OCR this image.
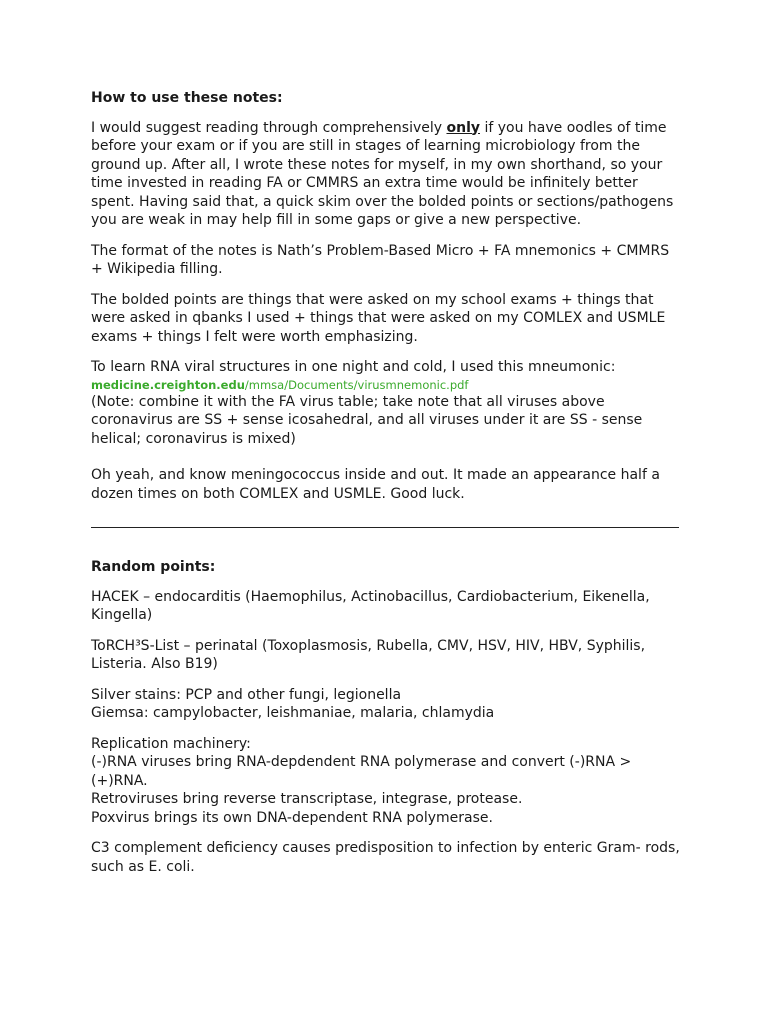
How to use these notes:

I would suggest reading through comprehensively only if you have oodles of time before your exam or if you are still in stages of learning microbiology from the ground up. After all, I wrote these notes for myself, in my own shorthand, so your time invested in reading FA or CMMRS an extra time would be infinitely better spent. Having said that, a quick skim over the bolded points or sections/pathogens you are weak in may help fill in some gaps or give a new perspective.

The format of the notes is Nath’s Problem-Based Micro + FA mnemonics + CMMRS + Wikipedia filling.

The bolded points are things that were asked on my school exams + things that were asked in qbanks I used + things that were asked on my COMLEX and USMLE exams + things I felt were worth emphasizing.

To learn RNA viral structures in one night and cold, I used this mneumonic:
medicine.creighton.edu/mmsa/Documents/virusmnemonic.pdf
(Note: combine it with the FA virus table; take note that all viruses above coronavirus are SS + sense icosahedral, and all viruses under it are SS - sense helical; coronavirus is mixed)

Oh yeah, and know meningococcus inside and out. It made an appearance half a dozen times on both COMLEX and USMLE. Good luck.

Random points:

HACEK – endocarditis (Haemophilus, Actinobacillus, Cardiobacterium, Eikenella, Kingella)

ToRCH³S-List – perinatal (Toxoplasmosis, Rubella, CMV, HSV, HIV, HBV, Syphilis, Listeria. Also B19)

Silver stains: PCP and other fungi, legionella
Giemsa: campylobacter, leishmaniae, malaria, chlamydia

Replication machinery:
(-)RNA viruses bring RNA-depdendent RNA polymerase and convert (-)RNA > (+)RNA.
Retroviruses bring reverse transcriptase, integrase, protease.
Poxvirus brings its own DNA-dependent RNA polymerase.

C3 complement deficiency causes predisposition to infection by enteric Gram- rods, such as E. coli.
